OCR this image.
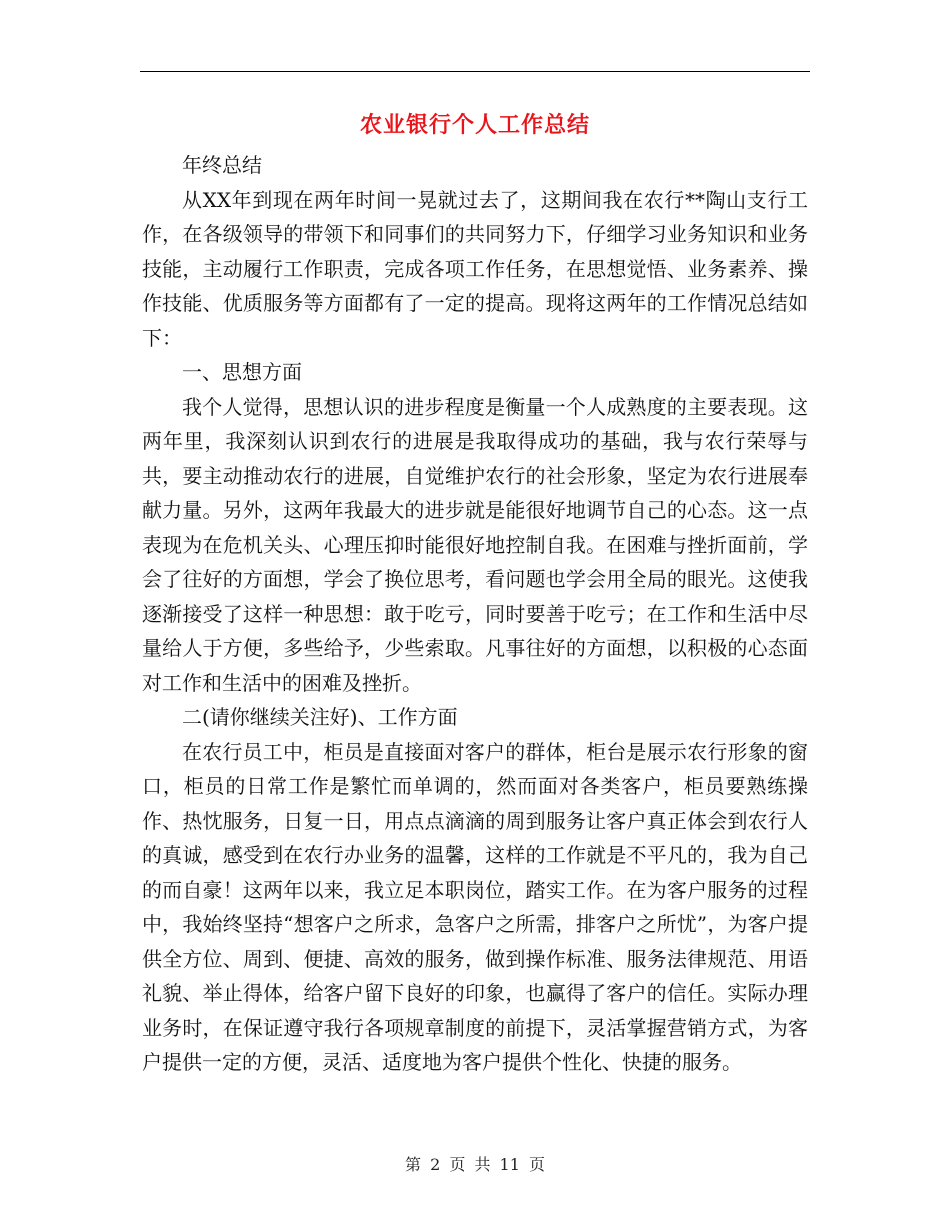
农业银行个人工作总结

年终总结

从XX年到现在两年时间一晃就过去了，这期间我在农行**陶山支行工作，在各级领导的带领下和同事们的共同努力下，仔细学习业务知识和业务技能，主动履行工作职责，完成各项工作任务，在思想觉悟、业务素养、操作技能、优质服务等方面都有了一定的提高。现将这两年的工作情况总结如下：

一、思想方面

我个人觉得，思想认识的进步程度是衡量一个人成熟度的主要表现。这两年里，我深刻认识到农行的进展是我取得成功的基础，我与农行荣辱与共，要主动推动农行的进展，自觉维护农行的社会形象，坚定为农行进展奉献力量。另外，这两年我最大的进步就是能很好地调节自己的心态。这一点表现为在危机关头、心理压抑时能很好地控制自我。在困难与挫折面前，学会了往好的方面想，学会了换位思考，看问题也学会用全局的眼光。这使我逐渐接受了这样一种思想：敢于吃亏，同时要善于吃亏；在工作和生活中尽量给人于方便，多些给予，少些索取。凡事往好的方面想，以积极的心态面对工作和生活中的困难及挫折。

二(请你继续关注好)、工作方面

在农行员工中，柜员是直接面对客户的群体，柜台是展示农行形象的窗口，柜员的日常工作是繁忙而单调的，然而面对各类客户，柜员要熟练操作、热忱服务，日复一日，用点点滴滴的周到服务让客户真正体会到农行人的真诚，感受到在农行办业务的温馨，这样的工作就是不平凡的，我为自己的而自豪！这两年以来，我立足本职岗位，踏实工作。在为客户服务的过程中，我始终坚持“想客户之所求，急客户之所需，排客户之所忧”，为客户提供全方位、周到、便捷、高效的服务，做到操作标准、服务法律规范、用语礼貌、举止得体，给客户留下良好的印象，也赢得了客户的信任。实际办理业务时，在保证遵守我行各项规章制度的前提下，灵活掌握营销方式，为客户提供一定的方便，灵活、适度地为客户提供个性化、快捷的服务。

第 2 页 共 11 页
